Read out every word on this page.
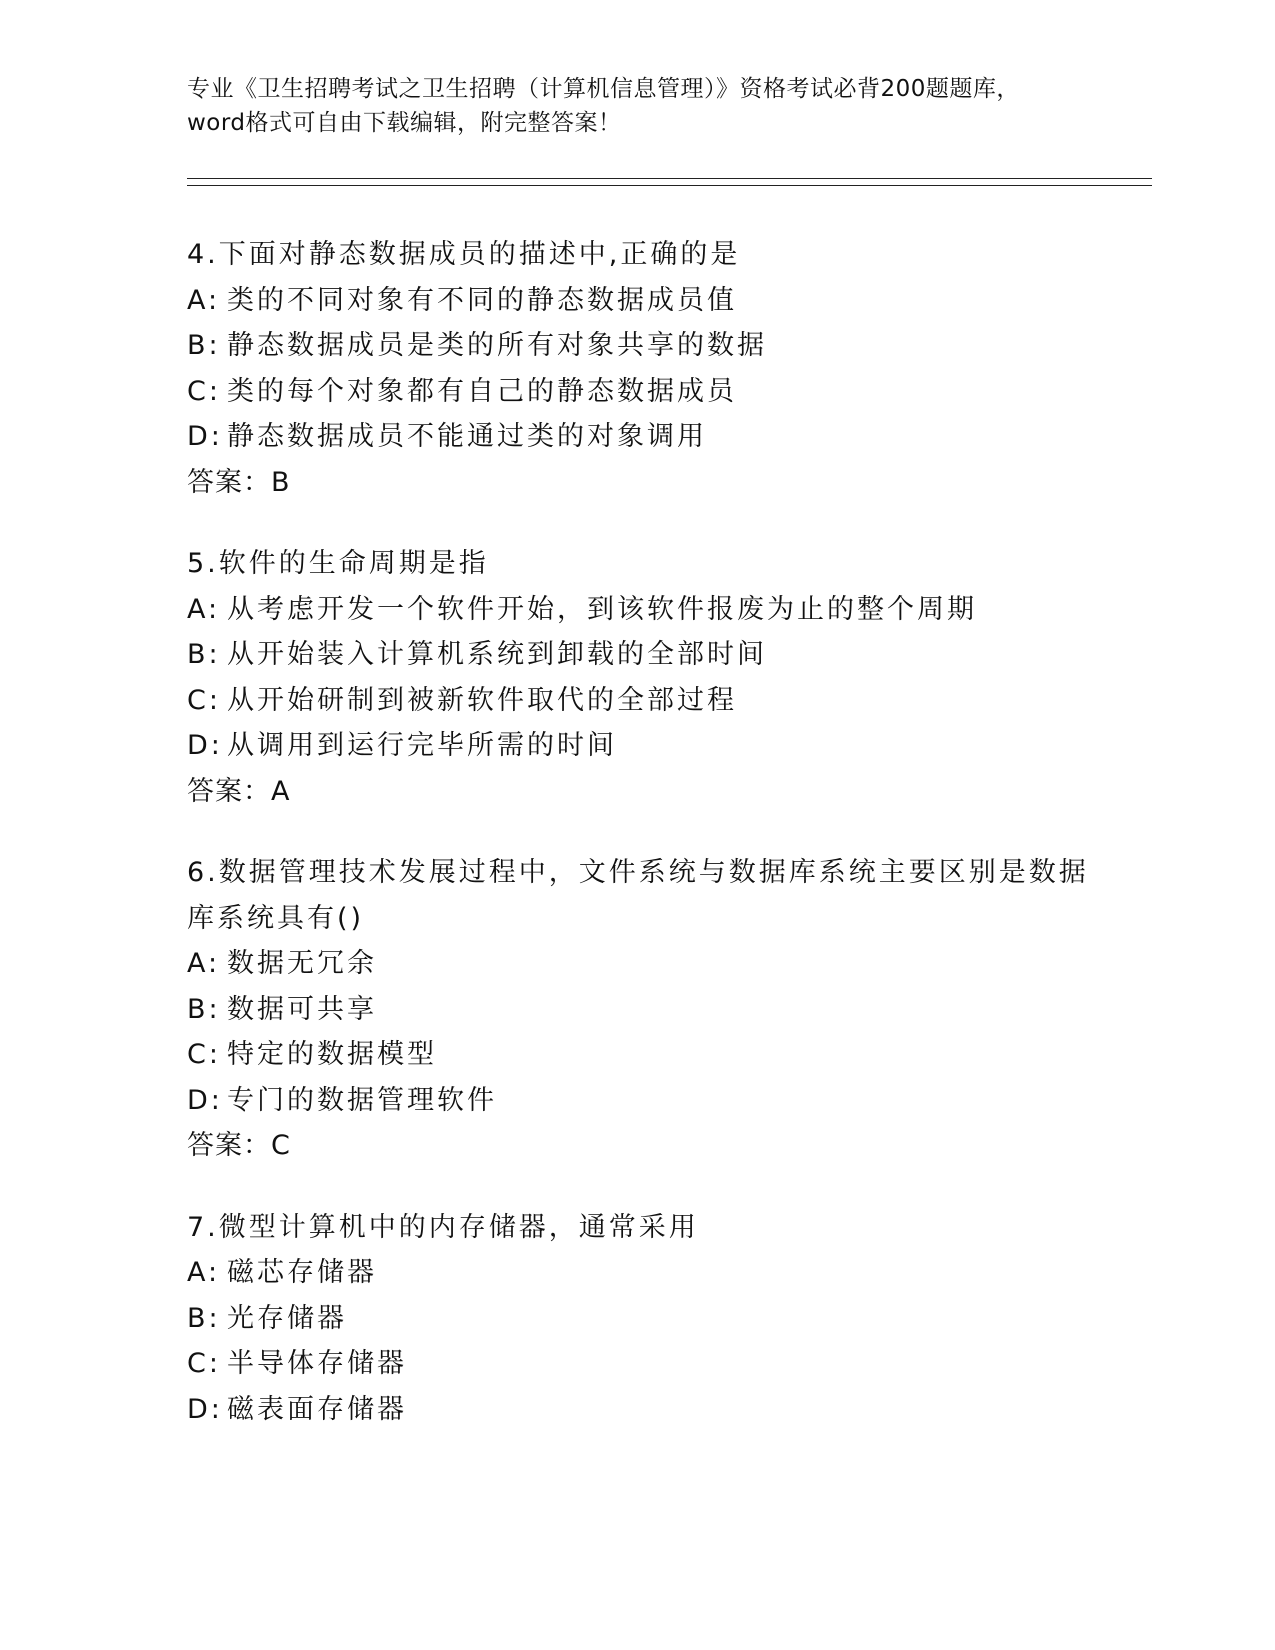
专业《卫生招聘考试之卫生招聘（计算机信息管理）》资格考试必背200题题库，
word格式可自由下载编辑，附完整答案！

4.下面对静态数据成员的描述中,正确的是

A: 类的不同对象有不同的静态数据成员值

B: 静态数据成员是类的所有对象共享的数据

C: 类的每个对象都有自己的静态数据成员

D: 静态数据成员不能通过类的对象调用

答案：B

5.软件的生命周期是指

A: 从考虑开发一个软件开始，到该软件报废为止的整个周期

B: 从开始装入计算机系统到卸载的全部时间

C: 从开始研制到被新软件取代的全部过程

D: 从调用到运行完毕所需的时间

答案：A

6.数据管理技术发展过程中，文件系统与数据库系统主要区别是数据库系统具有()

A: 数据无冗余

B: 数据可共享

C: 特定的数据模型

D: 专门的数据管理软件

答案：C

7.微型计算机中的内存储器，通常采用

A: 磁芯存储器

B: 光存储器

C: 半导体存储器

D: 磁表面存储器
